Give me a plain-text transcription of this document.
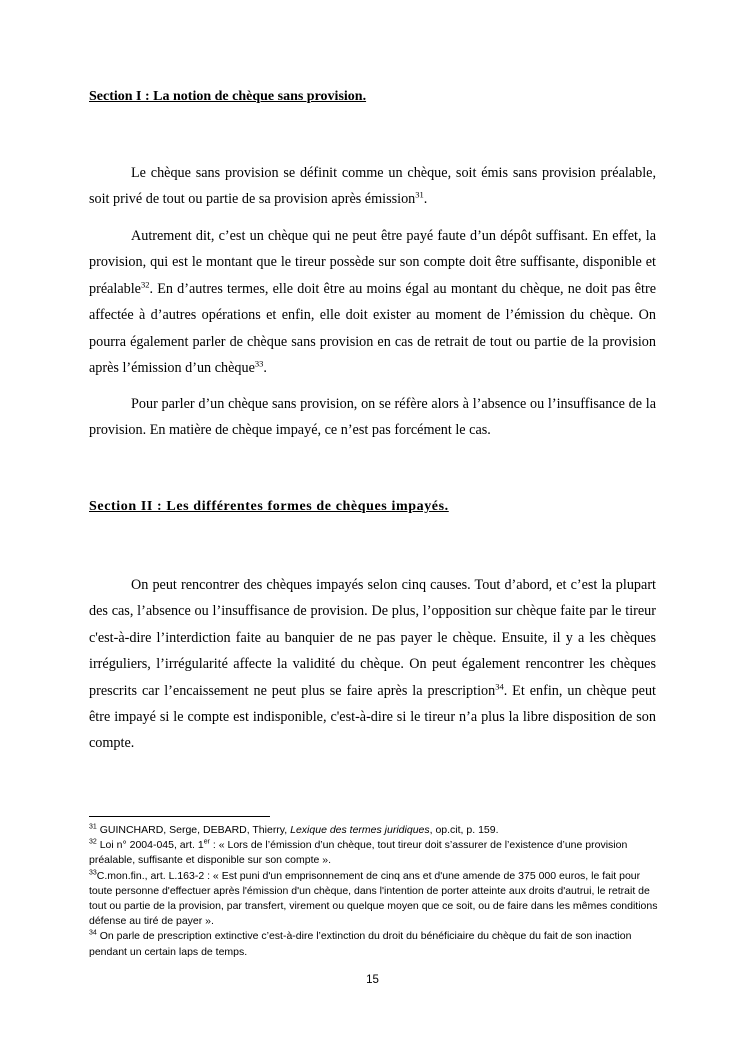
Section I : La notion de chèque sans provision.

Le chèque sans provision se définit comme un chèque, soit émis sans provision préalable, soit privé de tout ou partie de sa provision après émission$^{31}$.

Autrement dit, c’est un chèque qui ne peut être payé faute d’un dépôt suffisant. En effet, la provision, qui est le montant que le tireur possède sur son compte doit être suffisante, disponible et préalable$^{32}$. En d’autres termes, elle doit être au moins égal au montant du chèque, ne doit pas être affectée à d’autres opérations et enfin, elle doit exister au moment de l’émission du chèque. On pourra également parler de chèque sans provision en cas de retrait de tout ou partie de la provision après l’émission d’un chèque$^{33}$.

Pour parler d’un chèque sans provision, on se réfère alors à l’absence ou l’insuffisance de la provision. En matière de chèque impayé, ce n’est pas forcément le cas.

Section II : Les différentes formes de chèques impayés.

On peut rencontrer des chèques impayés selon cinq causes. Tout d’abord, et c’est la plupart des cas, l’absence ou l’insuffisance de provision. De plus, l’opposition sur chèque faite par le tireur c'est-à-dire l’interdiction faite au banquier de ne pas payer le chèque. Ensuite, il y a les chèques irréguliers, l’irrégularité affecte la validité du chèque. On peut également rencontrer les chèques prescrits car l’encaissement ne peut plus se faire après la prescription$^{34}$. Et enfin, un chèque peut être impayé si le compte est indisponible, c'est-à-dire si le tireur n’a plus la libre disposition de son compte.

$^{31}$ GUINCHARD, Serge, DEBARD, Thierry, Lexique des termes juridiques, op.cit, p. 159.

$^{32}$ Loi n° 2004-045, art. 1er : « Lors de l’émission d’un chèque, tout tireur doit s’assurer de l’existence d’une provision préalable, suffisante et disponible sur son compte ».

$^{33}$C.mon.fin., art. L.163-2 : « Est puni d'un emprisonnement de cinq ans et d'une amende de 375 000 euros, le fait pour toute personne d'effectuer après l'émission d'un chèque, dans l'intention de porter atteinte aux droits d'autrui, le retrait de tout ou partie de la provision, par transfert, virement ou quelque moyen que ce soit, ou de faire dans les mêmes conditions défense au tiré de payer ».

$^{34}$ On parle de prescription extinctive c’est-à-dire l’extinction du droit du bénéficiaire du chèque du fait de son inaction pendant un certain laps de temps.

15
